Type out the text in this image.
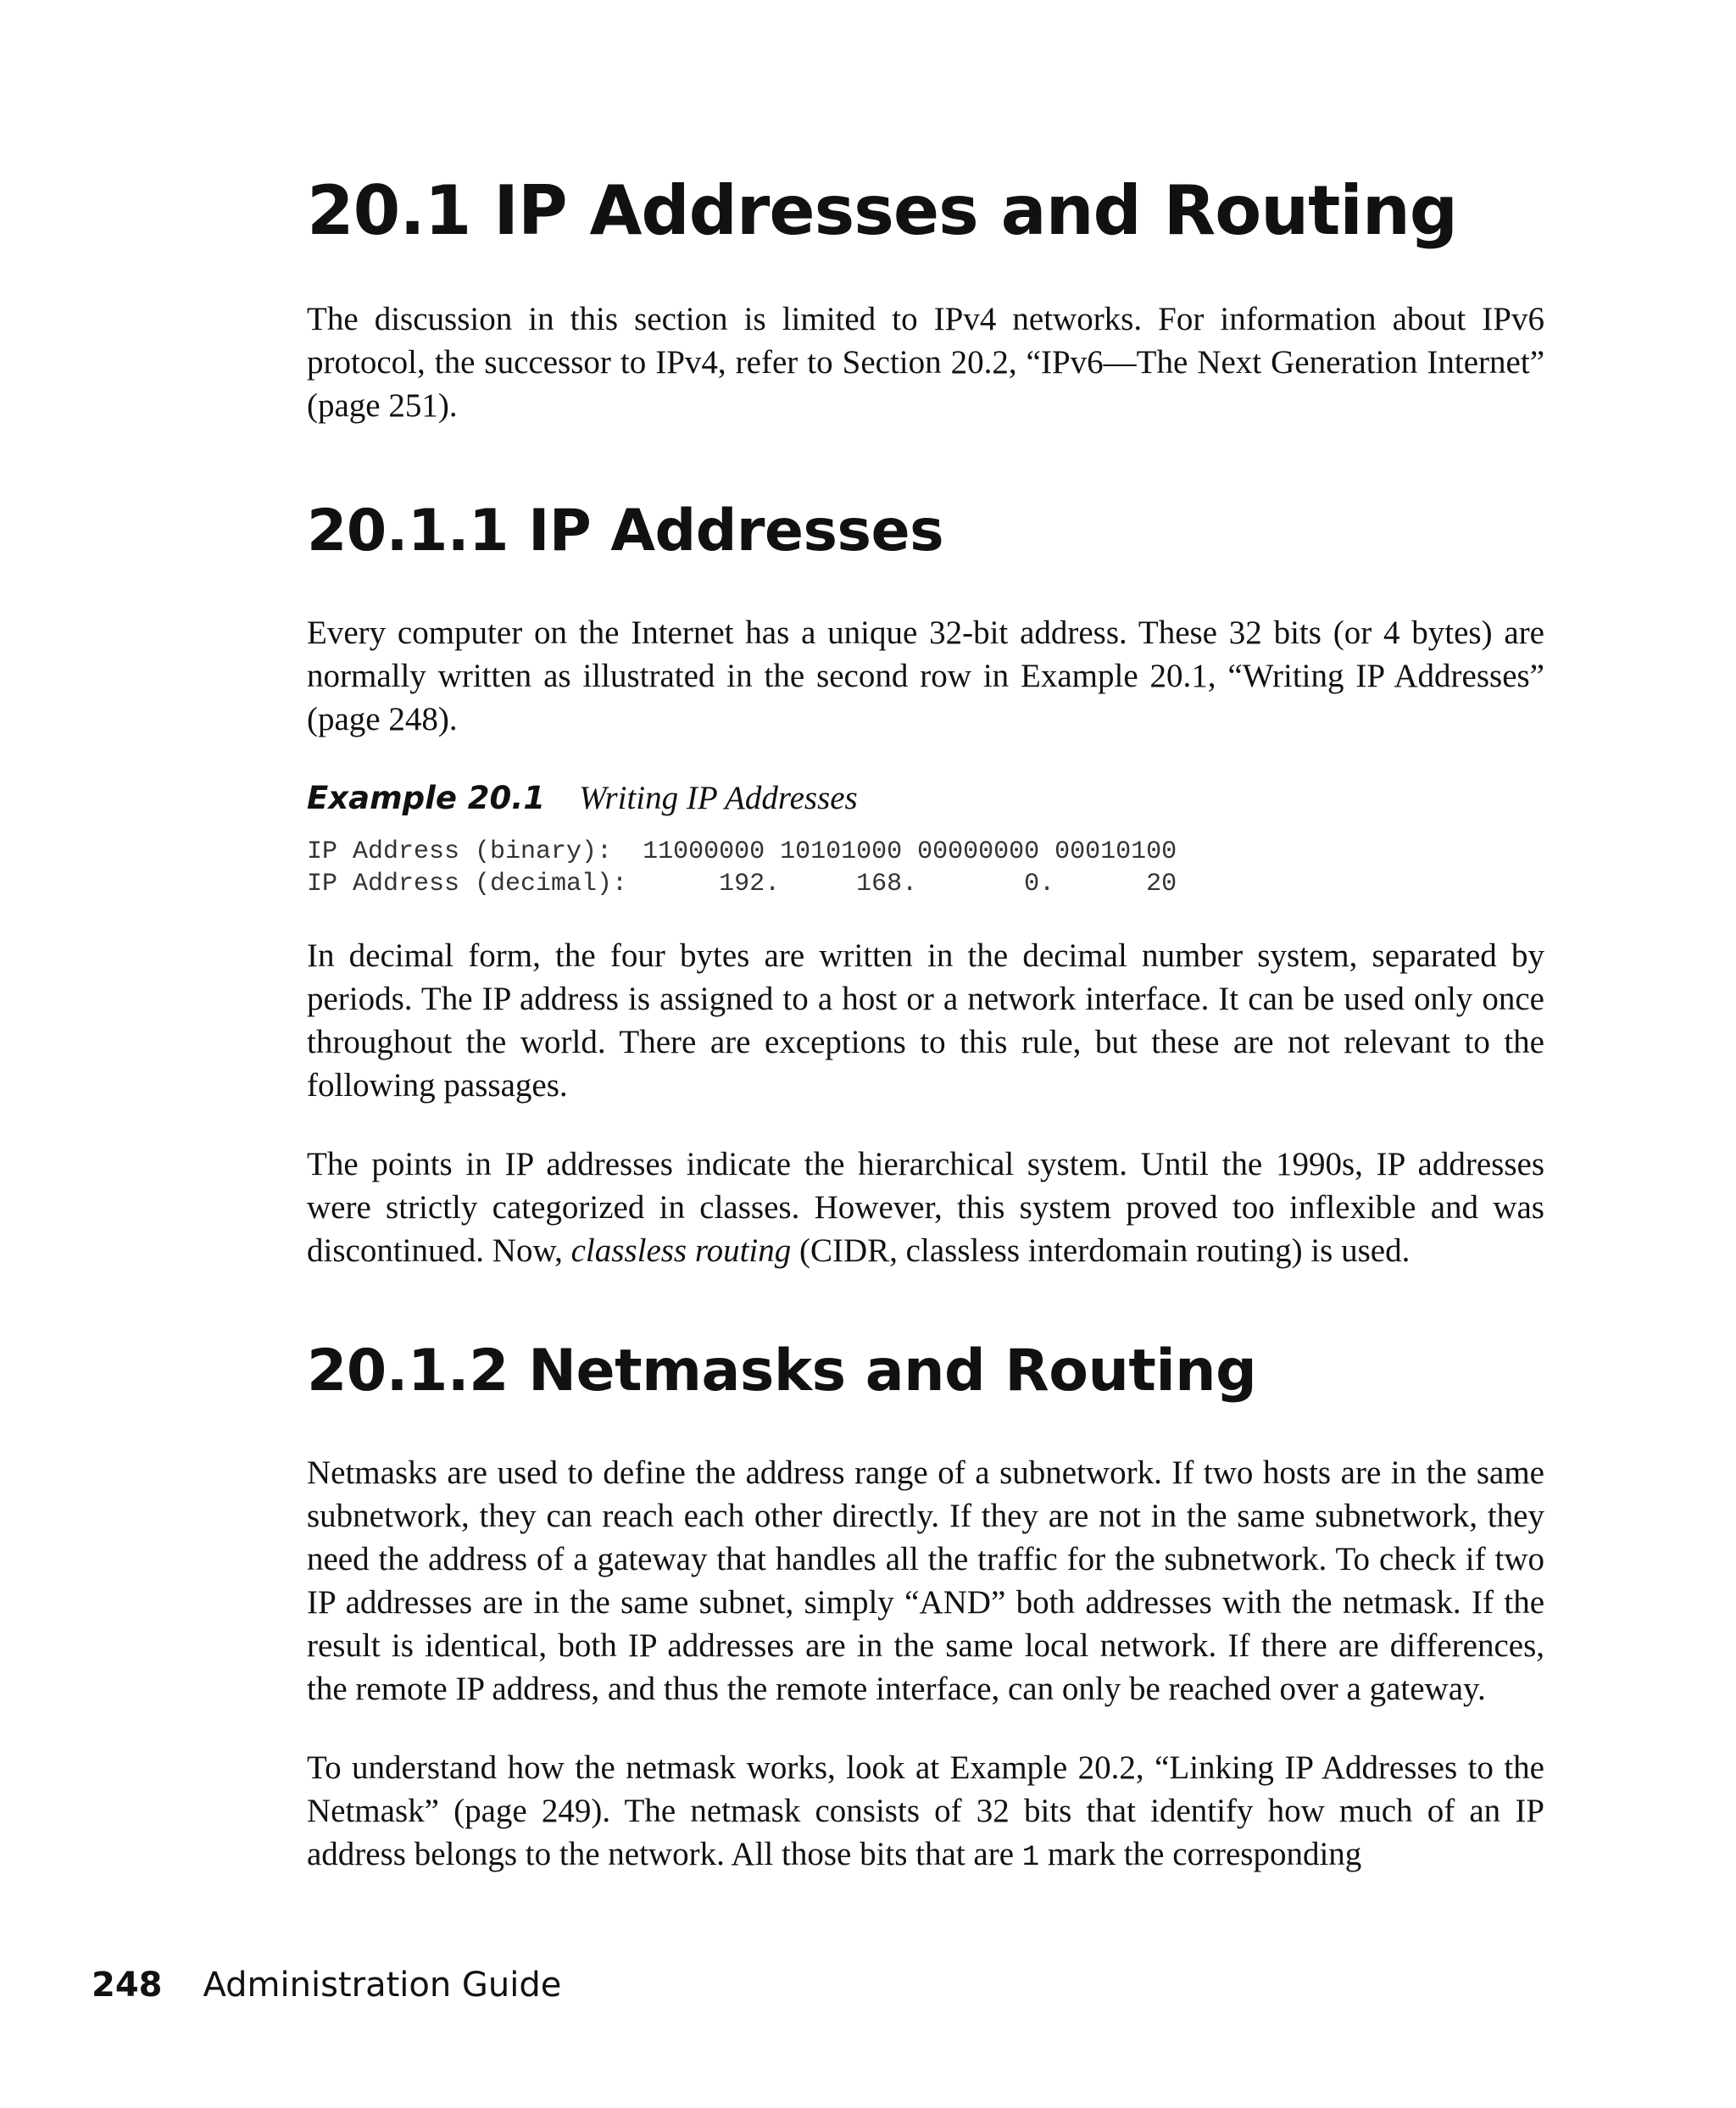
20.1 IP Addresses and Routing

The discussion in this section is limited to IPv4 networks. For information about IPv6 protocol, the successor to IPv4, refer to Section 20.2, “IPv6—The Next Generation Internet” (page 251).

20.1.1 IP Addresses

Every computer on the Internet has a unique 32-bit address. These 32 bits (or 4 bytes) are normally written as illustrated in the second row in Example 20.1, “Writing IP Addresses” (page 248).

Example 20.1 Writing IP Addresses
IP Address (binary):  11000000 10101000 00000000 00010100
IP Address (decimal):      192.     168.       0.      20

In decimal form, the four bytes are written in the decimal number system, separated by periods. The IP address is assigned to a host or a network interface. It can be used only once throughout the world. There are exceptions to this rule, but these are not relevant to the following passages.

The points in IP addresses indicate the hierarchical system. Until the 1990s, IP addresses were strictly categorized in classes. However, this system proved too inflexible and was discontinued. Now, classless routing (CIDR, classless interdomain routing) is used.

20.1.2 Netmasks and Routing

Netmasks are used to define the address range of a subnetwork. If two hosts are in the same subnetwork, they can reach each other directly. If they are not in the same subnetwork, they need the address of a gateway that handles all the traffic for the subnetwork. To check if two IP addresses are in the same subnet, simply “AND” both addresses with the netmask. If the result is identical, both IP addresses are in the same local network. If there are differences, the remote IP address, and thus the remote interface, can only be reached over a gateway.

To understand how the netmask works, look at Example 20.2, “Linking IP Addresses to the Netmask” (page 249). The netmask consists of 32 bits that identify how much of an IP address belongs to the network. All those bits that are 1 mark the corresponding

248 Administration Guide
